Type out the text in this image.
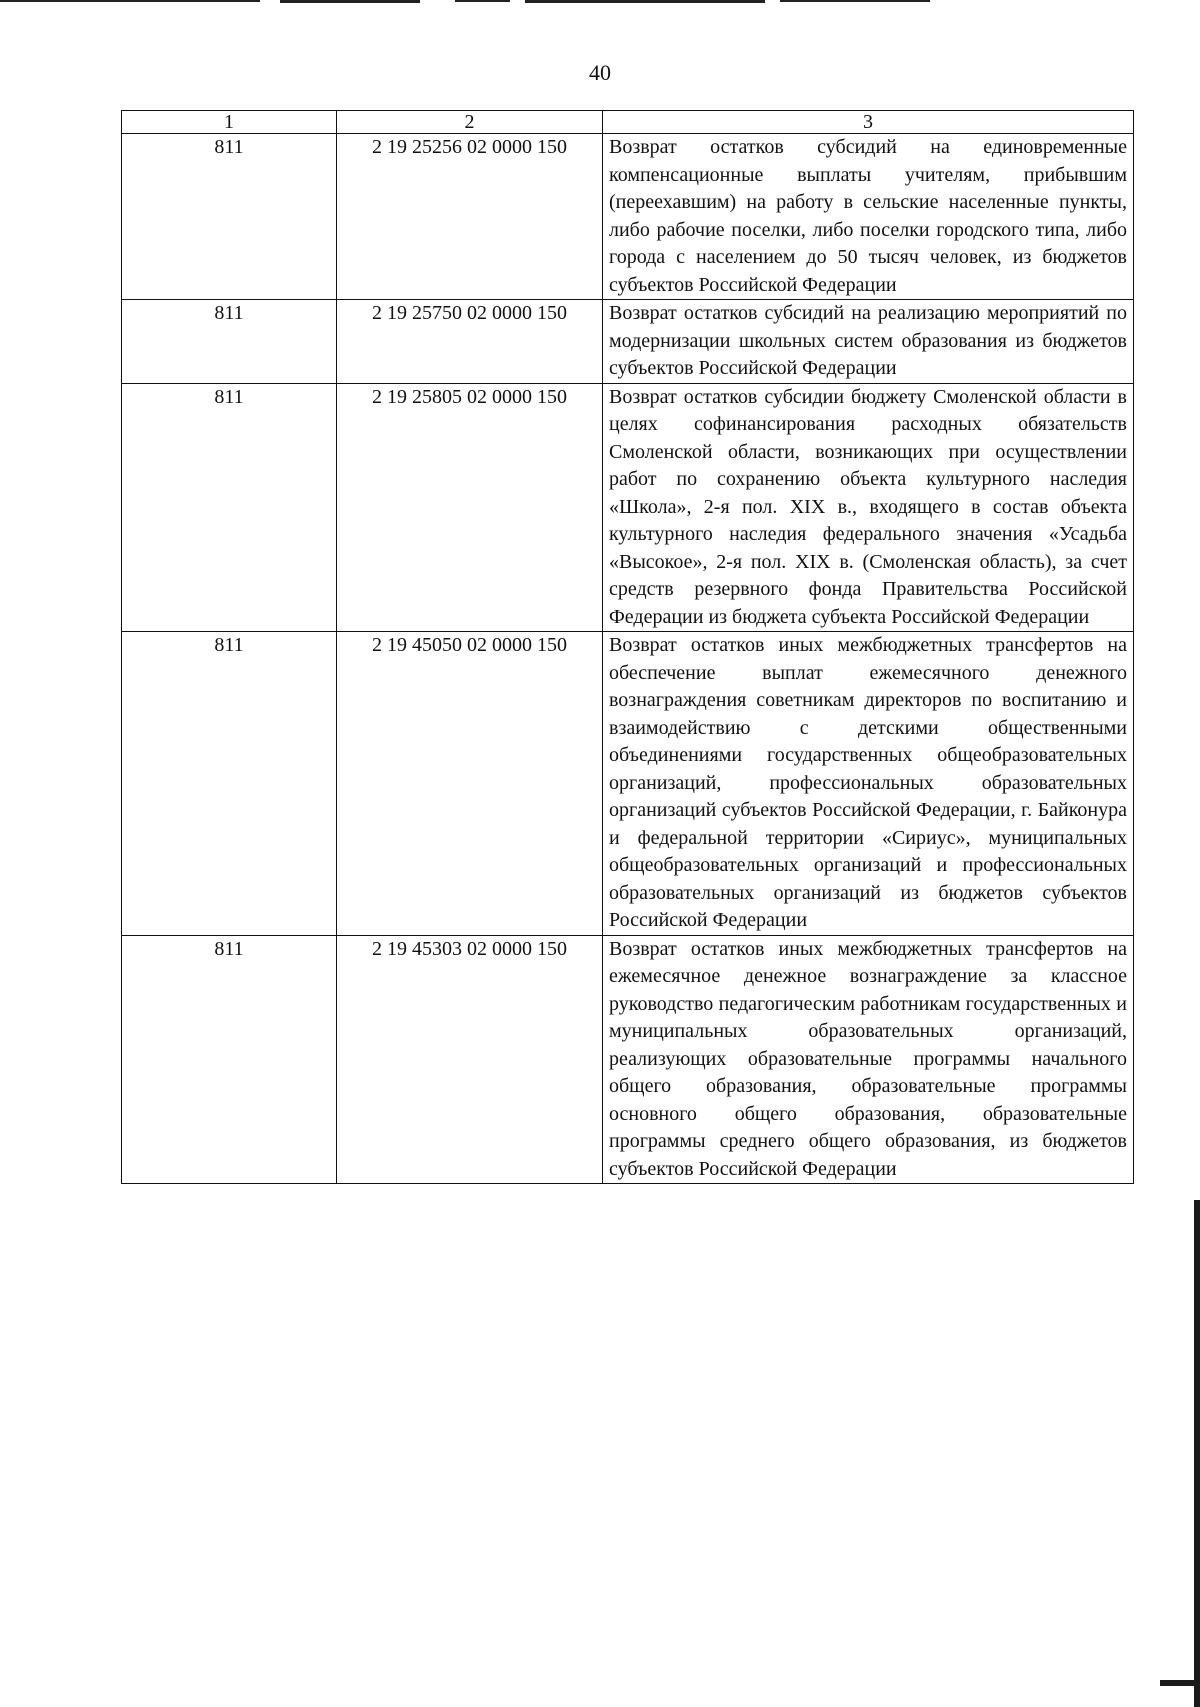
40
1	2	3
811	2 19 25256 02 0000 150	Возврат остатков субсидий на единовременные компенсационные выплаты учителям, прибывшим (переехавшим) на работу в сельские населенные пункты, либо рабочие поселки, либо поселки городского типа, либо города с населением до 50 тысяч человек, из бюджетов субъектов Российской Федерации
811	2 19 25750 02 0000 150	Возврат остатков субсидий на реализацию мероприятий по модернизации школьных систем образования из бюджетов субъектов Российской Федерации
811	2 19 25805 02 0000 150	Возврат остатков субсидии бюджету Смоленской области в целях софинансирования расходных обязательств Смоленской области, возникающих при осуществлении работ по сохранению объекта культурного наследия «Школа», 2-я пол. XIX в., входящего в состав объекта культурного наследия федерального значения «Усадьба «Высокое», 2-я пол. XIX в. (Смоленская область), за счет средств резервного фонда Правительства Российской Федерации из бюджета субъекта Российской Федерации
811	2 19 45050 02 0000 150	Возврат остатков иных межбюджетных трансфертов на обеспечение выплат ежемесячного денежного вознаграждения советникам директоров по воспитанию и взаимодействию с детскими общественными объединениями государственных общеобразовательных организаций, профессиональных образовательных организаций субъектов Российской Федерации, г. Байконура и федеральной территории «Сириус», муниципальных общеобразовательных организаций и профессиональных образовательных организаций из бюджетов субъектов Российской Федерации
811	2 19 45303 02 0000 150	Возврат остатков иных межбюджетных трансфертов на ежемесячное денежное вознаграждение за классное руководство педагогическим работникам государственных и муниципальных образовательных организаций, реализующих образовательные программы начального общего образования, образовательные программы основного общего образования, образовательные программы среднего общего образования, из бюджетов субъектов Российской Федерации
